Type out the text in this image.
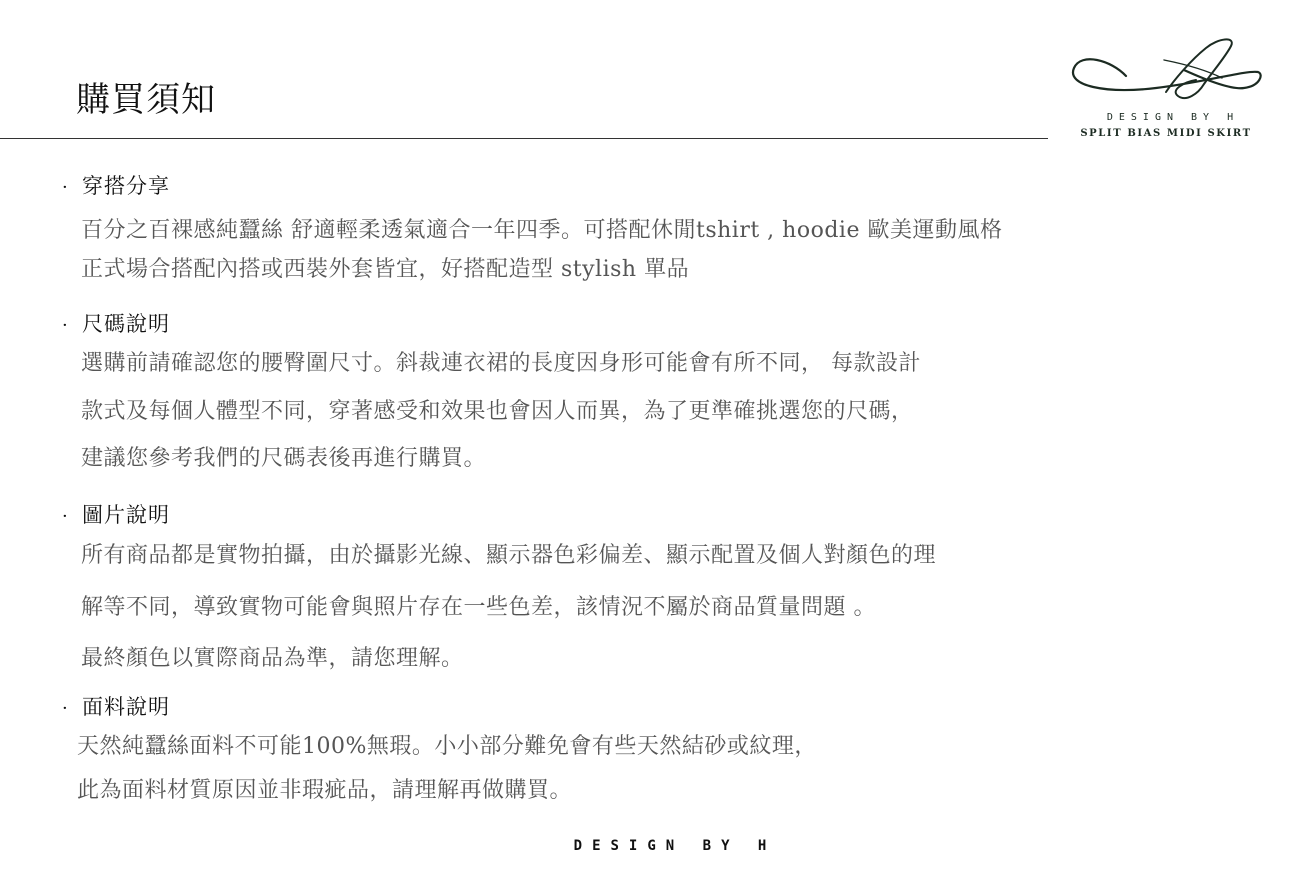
購買須知	DESIGN BY H
SPLIT BIAS MIDI SKIRT
· 穿搭分享
百分之百裸感純蠶絲 舒適輕柔透氣適合一年四季。可搭配休閒tshirt , hoodie 歐美運動風格
正式場合搭配內搭或西裝外套皆宜，好搭配造型 stylish 單品
· 尺碼說明
選購前請確認您的腰臀圍尺寸。斜裁連衣裙的長度因身形可能會有所不同， 每款設計
款式及每個人體型不同，穿著感受和效果也會因人而異，為了更準確挑選您的尺碼，
建議您參考我們的尺碼表後再進行購買。
· 圖片說明
所有商品都是實物拍攝，由於攝影光線、顯示器色彩偏差、顯示配置及個人對顏色的理
解等不同，導致實物可能會與照片存在一些色差，該情況不屬於商品質量問題 。
最終顏色以實際商品為準，請您理解。
· 面料說明
天然純蠶絲面料不可能100%無瑕。小小部分難免會有些天然結砂或紋理，
此為面料材質原因並非瑕疵品，請理解再做購買。
DESIGN BY H
